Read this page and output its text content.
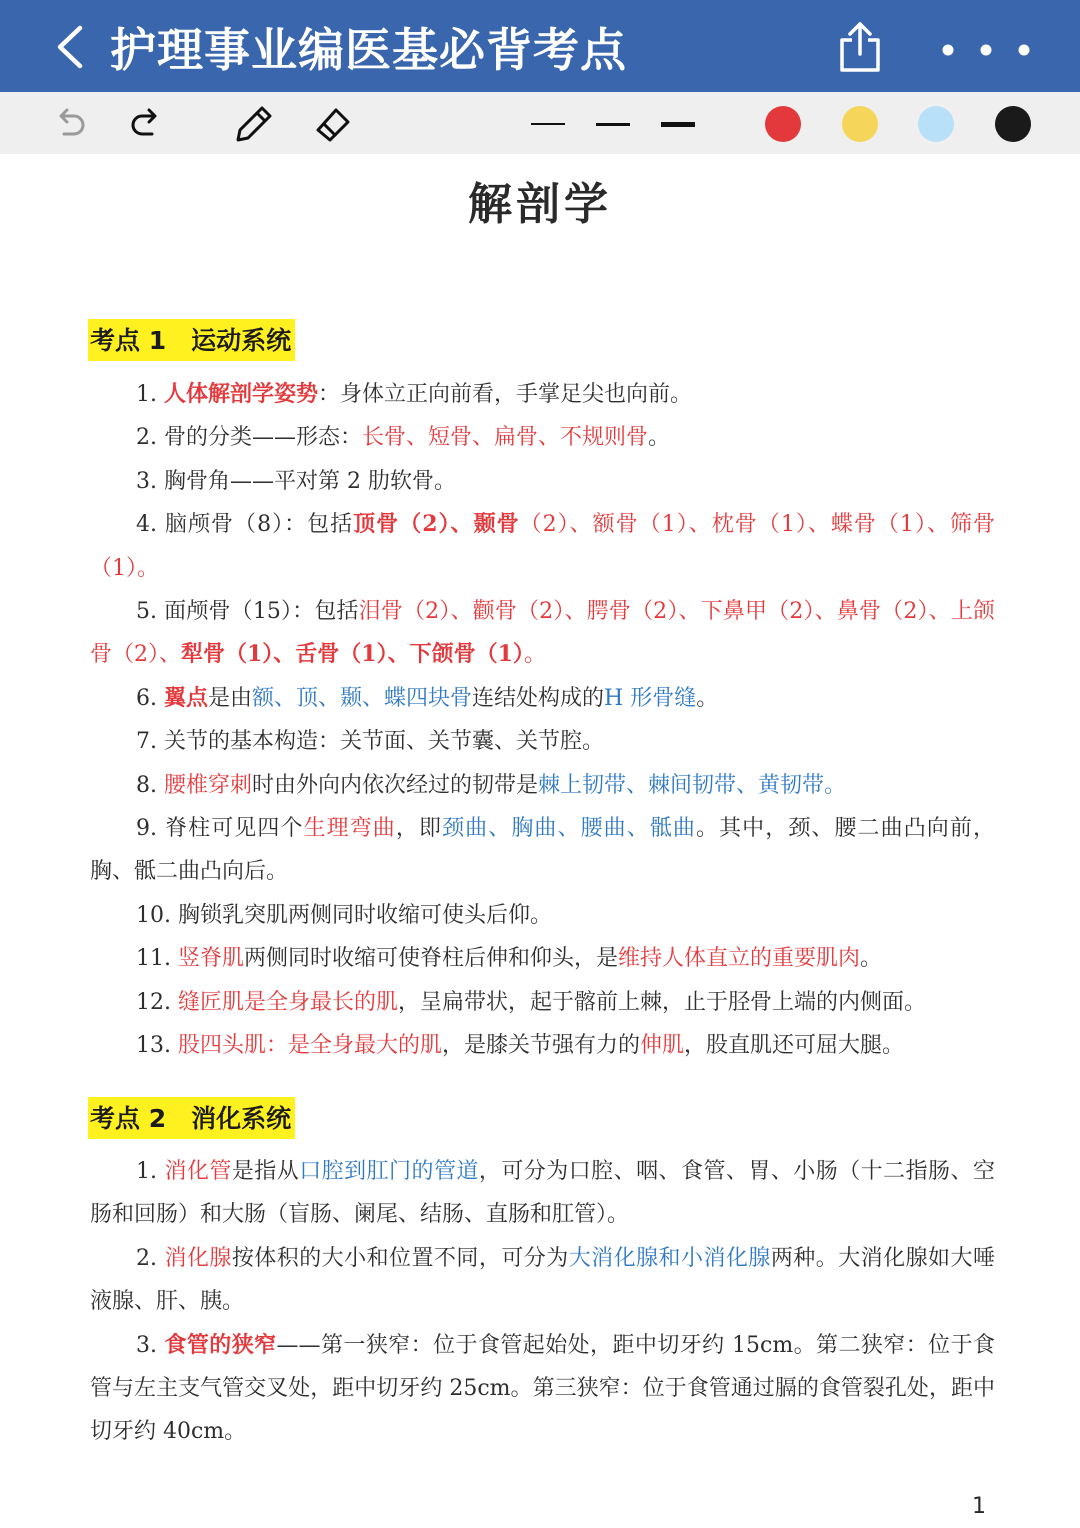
护理事业编医基必背考点
解剖学
考点 1　运动系统

1. 人体解剖学姿势：身体立正向前看，手掌足尖也向前。

2. 骨的分类——形态：长骨、短骨、扁骨、不规则骨。

3. 胸骨角——平对第 2 肋软骨。

4. 脑颅骨（8）：包括顶骨（2）、颞骨（2）、额骨（1）、枕骨（1）、蝶骨（1）、筛骨（1）。

5. 面颅骨（15）：包括泪骨（2）、颧骨（2）、腭骨（2）、下鼻甲（2）、鼻骨（2）、上颌骨（2）、犁骨（1）、舌骨（1）、下颌骨（1）。

6. 翼点是由额、顶、颞、蝶四块骨连结处构成的H 形骨缝。

7. 关节的基本构造：关节面、关节囊、关节腔。

8. 腰椎穿刺时由外向内依次经过的韧带是棘上韧带、棘间韧带、黄韧带。

9. 脊柱可见四个生理弯曲，即颈曲、胸曲、腰曲、骶曲。其中，颈、腰二曲凸向前，胸、骶二曲凸向后。

10. 胸锁乳突肌两侧同时收缩可使头后仰。

11. 竖脊肌两侧同时收缩可使脊柱后伸和仰头，是维持人体直立的重要肌肉。

12. 缝匠肌是全身最长的肌，呈扁带状，起于髂前上棘，止于胫骨上端的内侧面。

13. 股四头肌：是全身最大的肌，是膝关节强有力的伸肌，股直肌还可屈大腿。

考点 2　消化系统

1. 消化管是指从口腔到肛门的管道，可分为口腔、咽、食管、胃、小肠（十二指肠、空肠和回肠）和大肠（盲肠、阑尾、结肠、直肠和肛管）。

2. 消化腺按体积的大小和位置不同，可分为大消化腺和小消化腺两种。大消化腺如大唾液腺、肝、胰。

3. 食管的狭窄——第一狭窄：位于食管起始处，距中切牙约 15cm。第二狭窄：位于食管与左主支气管交叉处，距中切牙约 25cm。第三狭窄：位于食管通过膈的食管裂孔处，距中切牙约 40cm。

1
